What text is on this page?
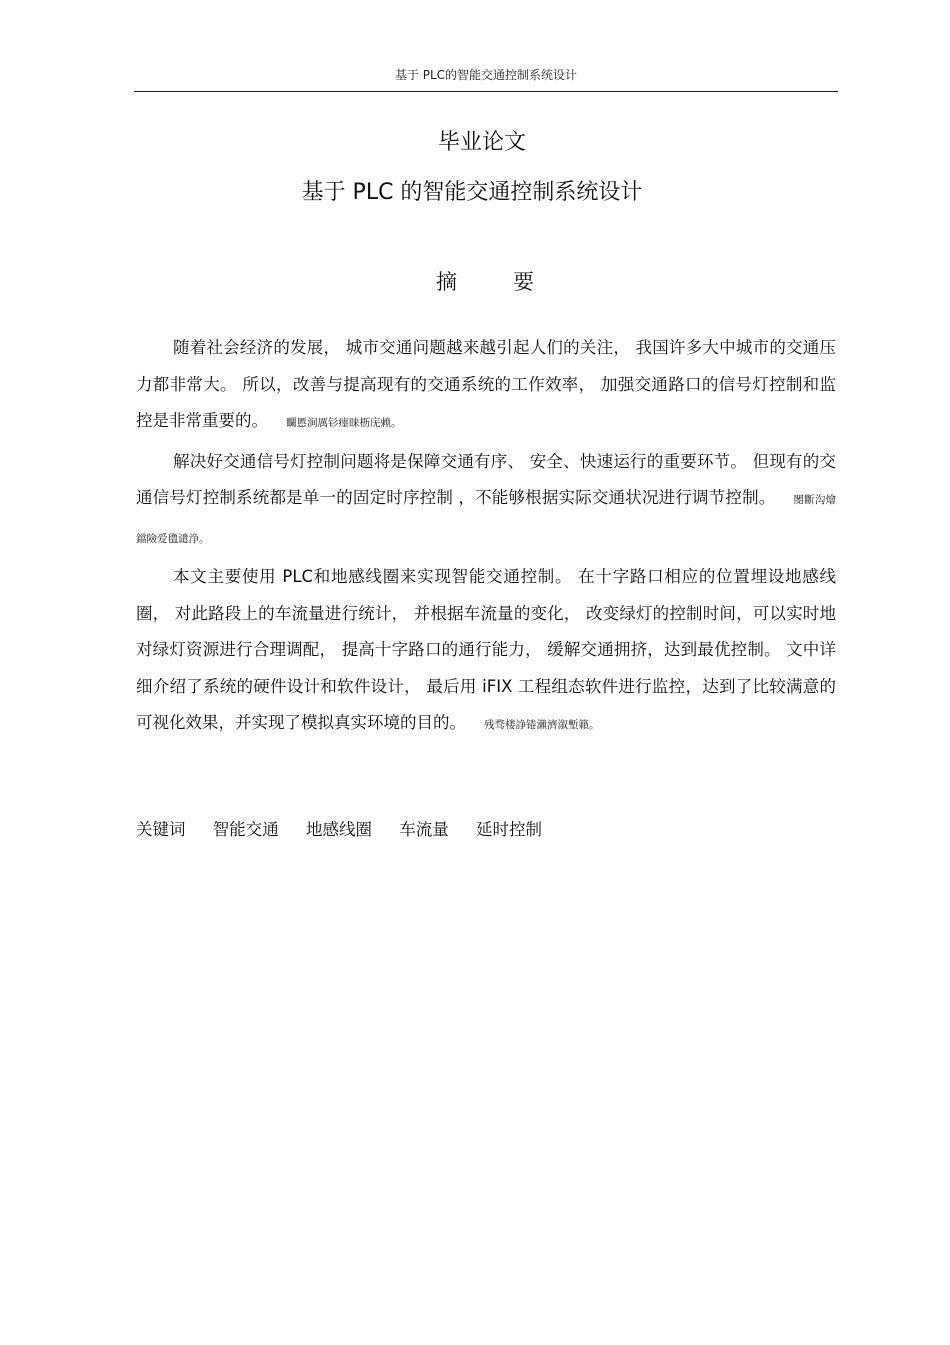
基于 PLC的智能交通控制系统设计
毕业论文
基于 PLC 的智能交通控制系统设计
摘要

随着社会经济的发展， 城市交通问题越来越引起人们的关注， 我国许多大中城市的交通压力都非常大。 所以，改善与提高现有的交通系统的工作效率， 加强交通路口的信号灯控制和监控是非常重要的。 矙慝涧厲钐瘗睐枥庑赖。

解决好交通信号灯控制问题将是保障交通有序、 安全、快速运行的重要环节。 但现有的交通信号灯控制系统都是单一的固定时序控制 ，不能够根据实际交通状况进行调节控制。 閿斷沟燴鐺險爱氇谴浄。

本文主要使用 PLC和地感线圈来实现智能交通控制。 在十字路口相应的位置埋设地感线圈， 对此路段上的车流量进行统计， 并根据车流量的变化， 改变绿灯的控制时间，可以实时地对绿灯资源进行合理调配， 提高十字路口的通行能力， 缓解交通拥挤，达到最优控制。 文中详细介绍了系统的硬件设计和软件设计， 最后用 iFIX 工程组态软件进行监控，达到了比较满意的可视化效果，并实现了模拟真实环境的目的。 残骛楼諍锩瀨濟溆塹籟。

关键词 智能交通 地感线圈 车流量 延时控制
